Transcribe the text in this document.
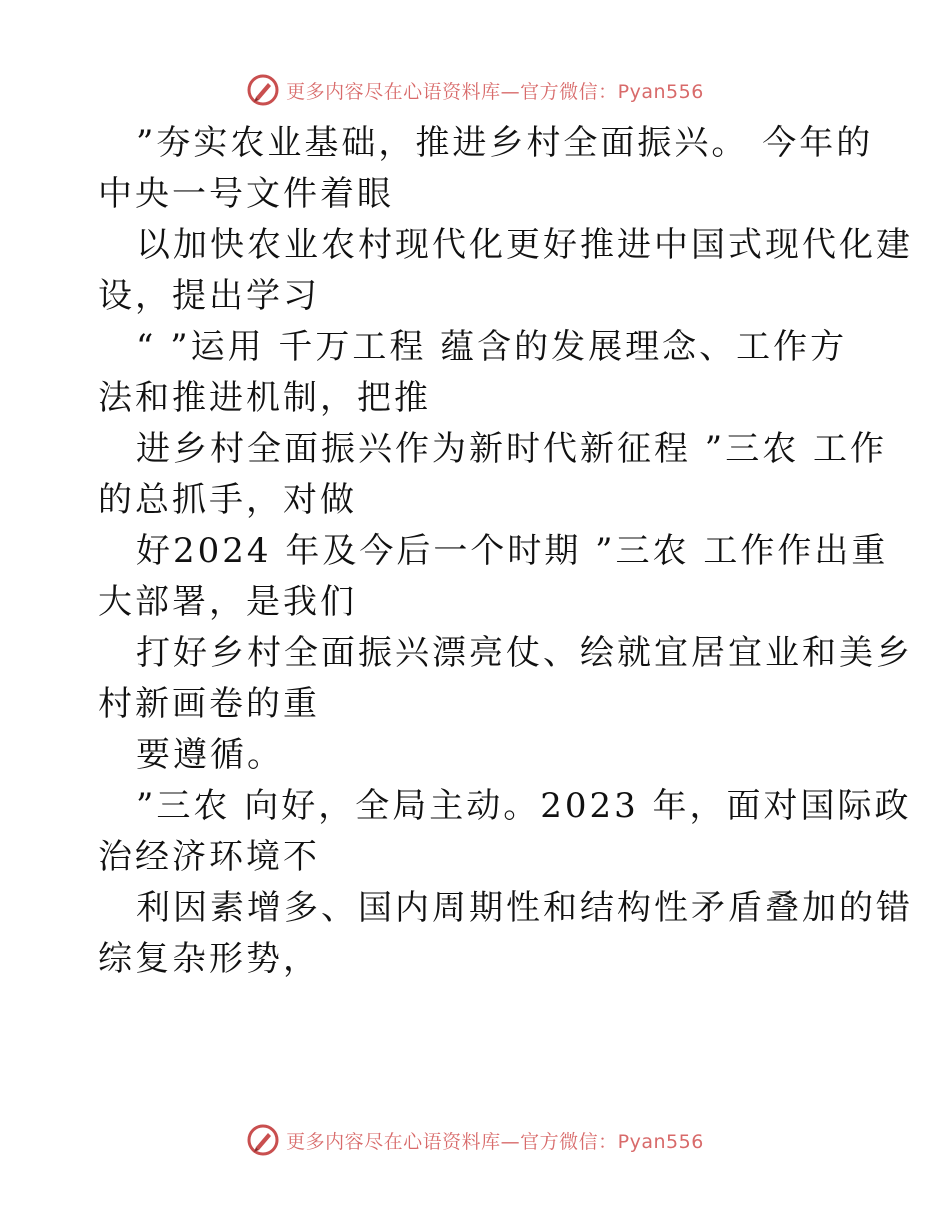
更多内容尽在心语资料库—官方微信：Pyan556
”夯实农业基础，推进乡村全面振兴。 今年的
中央一号文件着眼
以加快农业农村现代化更好推进中国式现代化建
设，提出学习
“ ”运用 千万工程 蕴含的发展理念、工作方
法和推进机制，把推
进乡村全面振兴作为新时代新征程 ”三农 工作
的总抓手，对做
好2024 年及今后一个时期 ”三农 工作作出重
大部署，是我们
打好乡村全面振兴漂亮仗、绘就宜居宜业和美乡
村新画卷的重
要遵循。
”三农 向好，全局主动。2023 年，面对国际政
治经济环境不
利因素增多、国内周期性和结构性矛盾叠加的错
综复杂形势，
更多内容尽在心语资料库—官方微信：Pyan556
